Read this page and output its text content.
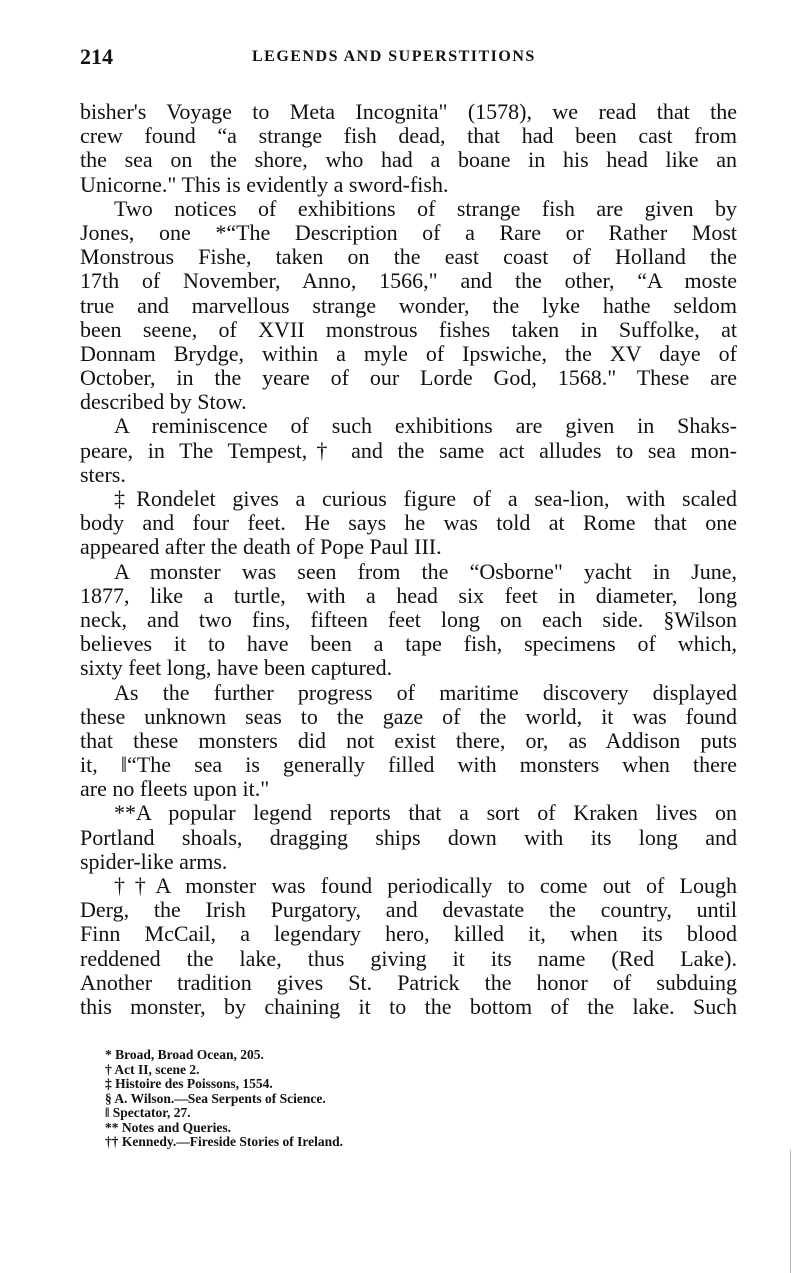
214	LEGENDS AND SUPERSTITIONS
bisher's Voyage to Meta Incognita" (1578), we read that the
crew found “a strange fish dead, that had been cast from
the sea on the shore, who had a boane in his head like an
Unicorne." This is evidently a sword-fish.
Two notices of exhibitions of strange fish are given by
Jones, one *“The Description of a Rare or Rather Most
Monstrous Fishe, taken on the east coast of Holland the
17th of November, Anno, 1566," and the other, “A moste
true and marvellous strange wonder, the lyke hathe seldom
been seene, of XVII monstrous fishes taken in Suffolke, at
Donnam Brydge, within a myle of Ipswiche, the XV daye of
October, in the yeare of our Lorde God, 1568." These are
described by Stow.
A reminiscence of such exhibitions are given in Shaks-
peare, in The Tempest,† and the same act alludes to sea mon-
sters.
‡Rondelet gives a curious figure of a sea-lion, with scaled
body and four feet. He says he was told at Rome that one
appeared after the death of Pope Paul III.
A monster was seen from the “Osborne" yacht in June,
1877, like a turtle, with a head six feet in diameter, long
neck, and two fins, fifteen feet long on each side. §Wilson
believes it to have been a tape fish, specimens of which,
sixty feet long, have been captured.
As the further progress of maritime discovery displayed
these unknown seas to the gaze of the world, it was found
that these monsters did not exist there, or, as Addison puts
it, ‖“The sea is generally filled with monsters when there
are no fleets upon it."
**A popular legend reports that a sort of Kraken lives on
Portland shoals, dragging ships down with its long and
spider-like arms.
††A monster was found periodically to come out of Lough
Derg, the Irish Purgatory, and devastate the country, until
Finn McCail, a legendary hero, killed it, when its blood
reddened the lake, thus giving it its name (Red Lake).
Another tradition gives St. Patrick the honor of subduing
this monster, by chaining it to the bottom of the lake. Such
* Broad, Broad Ocean, 205.
† Act II, scene 2.
‡ Histoire des Poissons, 1554.
§ A. Wilson.—Sea Serpents of Science.
‖ Spectator, 27.
** Notes and Queries.
†† Kennedy.—Fireside Stories of Ireland.
